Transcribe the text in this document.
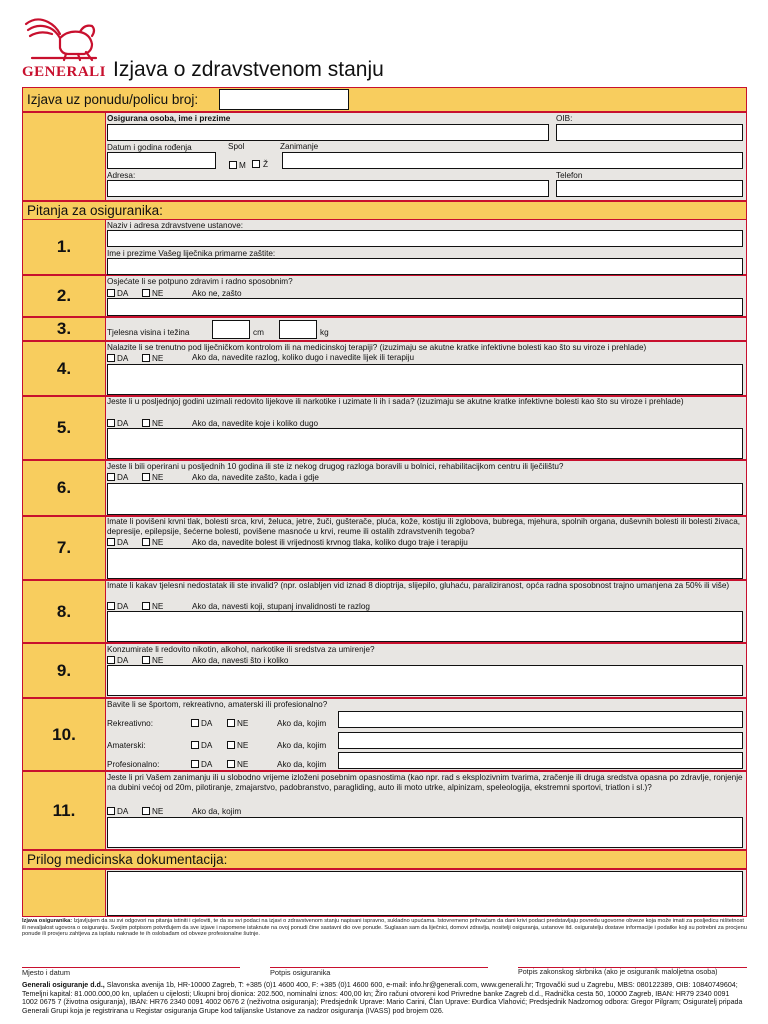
GENERALI Izjava o zdravstvenom stanju
Izjava uz ponudu/policu broj:
Osigurana osoba, ime i prezime	OIB:
Datum i godina rođenja	Spol	Zanimanje
M Ž
Adresa:	Telefon
Pitanja za osiguranika:
1.
Naziv i adresa zdravstvene ustanove:
Ime i prezime Vašeg liječnika primarne zaštite:
2.
Osjećate li se potpuno zdravim i radno sposobnim?
DA	NE	Ako ne, zašto
3.	Tjelesna visina i težina	cm	kg
4.
Nalazite li se trenutno pod liječničkom kontrolom ili na medicinskoj terapiji? (izuzimaju se akutne kratke infektivne bolesti kao što su viroze i prehlade)
DA	NE	Ako da, navedite razlog, koliko dugo i navedite lijek ili terapiju
5.
Jeste li u posljednjoj godini uzimali redovito lijekove ili narkotike i uzimate li ih i sada? (izuzimaju se akutne kratke infektivne bolesti kao što su viroze i prehlade)
DA	NE	Ako da, navedite koje i koliko dugo
6.
Jeste li bili operirani u posljednih 10 godina ili ste iz nekog drugog razloga boravili u bolnici, rehabilitacijkom centru ili lječilištu?
DA	NE	Ako da, navedite zašto, kada i gdje
7.
Imate li povišeni krvni tlak, bolesti srca, krvi, želuca, jetre, žuči, gušterače, pluća, kože, kostiju ili zglobova, bubrega, mjehura, spolnih organa, duševnih bolesti ili bolesti živaca, depresije, epilepsije, šećerne bolesti, povišene masnoće u krvi, reume ili ostalih zdravstvenih tegoba?
DA	NE	Ako da, navedite bolest ili vrijednosti krvnog tlaka, koliko dugo traje i terapiju
8.
Imate li kakav tjelesni nedostatak ili ste invalid? (npr. oslabljen vid iznad 8 dioptrija, slijepilo, gluhaću, paraliziranost, opća radna sposobnost trajno umanjena za 50% ili više)
DA	NE	Ako da, navesti koji, stupanj invalidnosti te razlog
9.
Konzumirate li redovito nikotin, alkohol, narkotike ili sredstva za umirenje?
DA	NE	Ako da, navesti što i koliko
10.
Bavite li se športom, rekreativno, amaterski ili profesionalno?
Rekreativno:	DA	NE	Ako da, kojim
Amaterski:	DA	NE	Ako da, kojim
Profesionalno:	DA	NE	Ako da, kojim
11.
Jeste li pri Vašem zanimanju ili u slobodno vrijeme izloženi posebnim opasnostima (kao npr. rad s eksplozivnim tvarima, zračenje ili druga sredstva opasna po zdravlje, ronjenje na dubini većoj od 20m, pilotiranje, zmajarstvo, padobranstvo, paragliding, auto ili moto utrke, alpinizam, speleologija, ekstremni sportovi, triatlon i sl.)?
DA	NE	Ako da, kojim
Prilog medicinska dokumentacija:
Izjava osiguranika: Izjavljujem da su svi odgovori na pitanja istiniti i cjeloviti, te da su svi podaci na izjavi o zdravstvenom stanju napisani ispravno, sukladno upućama. Istovremeno prihvaćam da dani krivi podaci predstavljaju povredu ugovorne obveze koja može imati za posljedicu ništetnost ili nevaljalost ugovora o osiguranju. Svojim potpisom potvrđujem da sve izjave i napomene istaknute na ovoj ponudi čine sastavni dio ove ponude. Suglasan sam da liječnici, domovi zdravlja, nositelji osiguranja, ustanove itd. osiguratelju dostave informacije i podatke koji su potrebni za procjenu ponude ili provjeru zahtjeva za isplatu naknade te ih oslobađam od obveze profesionalne šutnje.
Mjesto i datum	Potpis osiguranika	Potpis zakonskog skrbnika (ako je osiguranik maloljetna osoba)
Generali osiguranje d.d., Slavonska avenija 1b, HR-10000 Zagreb, T: +385 (0)1 4600 400, F: +385 (0)1 4600 600, e-mail: info.hr@generali.com, www.generali.hr; Trgovački sud u Zagrebu, MBS: 080122389, OIB: 10840749604; Temeljni kapital: 81.000.000,00 kn, uplaćen u cijelosti; Ukupni broj dionica: 202.500, nominalni iznos: 400,00 kn; Žiro računi otvoreni kod Privredne banke Zagreb d.d., Radnička cesta 50, 10000 Zagreb, IBAN: HR79 2340 0091 1002 0675 7 (životna osiguranja), IBAN: HR76 2340 0091 4002 0676 2 (neživotna osiguranja); Predsjednik Uprave: Mario Carini, Član Uprave: Đurđica Vlahović; Predsjednik Nadzornog odbora: Gregor Pilgram; Osiguratelj pripada Generali Grupi koja je registrirana u Registar osiguranja Grupe kod talijanske Ustanove za nadzor osiguranja (IVASS) pod brojem 026.
